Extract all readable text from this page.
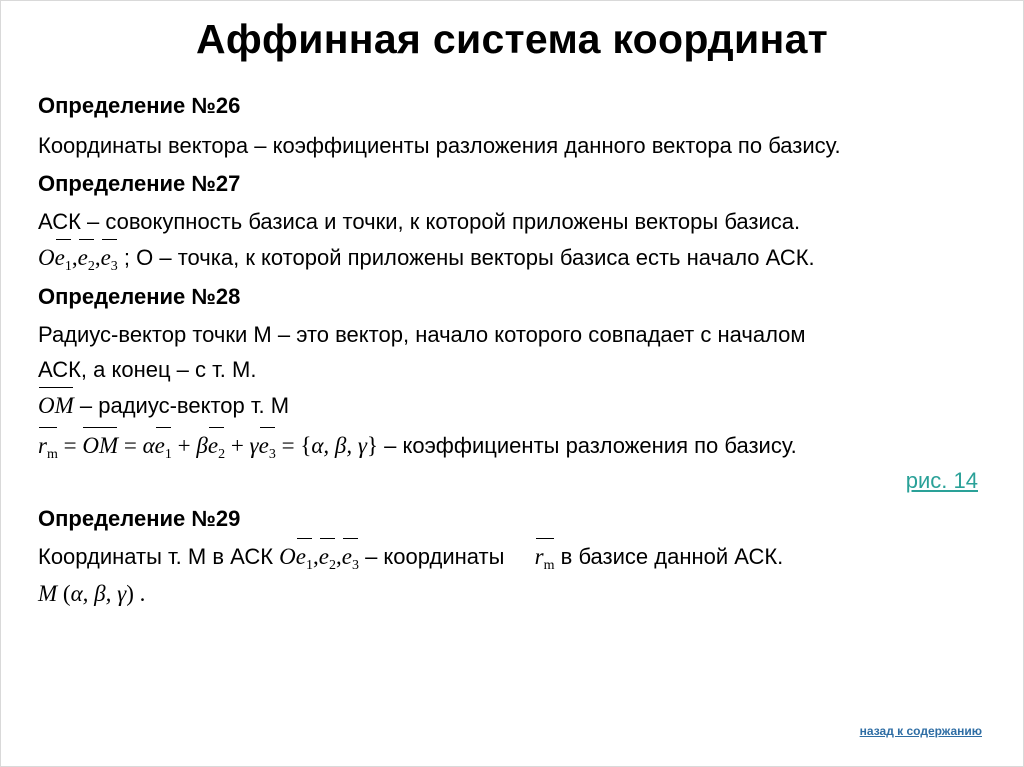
Аффинная система координат
Определение №26
Координаты вектора – коэффициенты разложения данного вектора по базису.
Определение №27
АСК – совокупность базиса и точки, к которой приложены векторы базиса.
$Oe_1,e_2,e_3$ ; О – точка, к которой приложены векторы базиса есть начало АСК.
Определение №28
Радиус-вектор точки М – это вектор, начало которого совпадает с началом
АСК, а конец – с т. М.
OM – радиус-вектор т. М
$r_m$ = OM = $\alpha e_1 + \beta e_2 + \gamma e_3 = \{\alpha$, β, γ} – коэффициенты разложения по базису.
рис. 14
Определение №29
Координаты т. М в АСК $Oe_1,e_2,e_3$ – координаты $r_m$ в базисе данной АСК.
M (α, β, γ) .
назад к содержанию
